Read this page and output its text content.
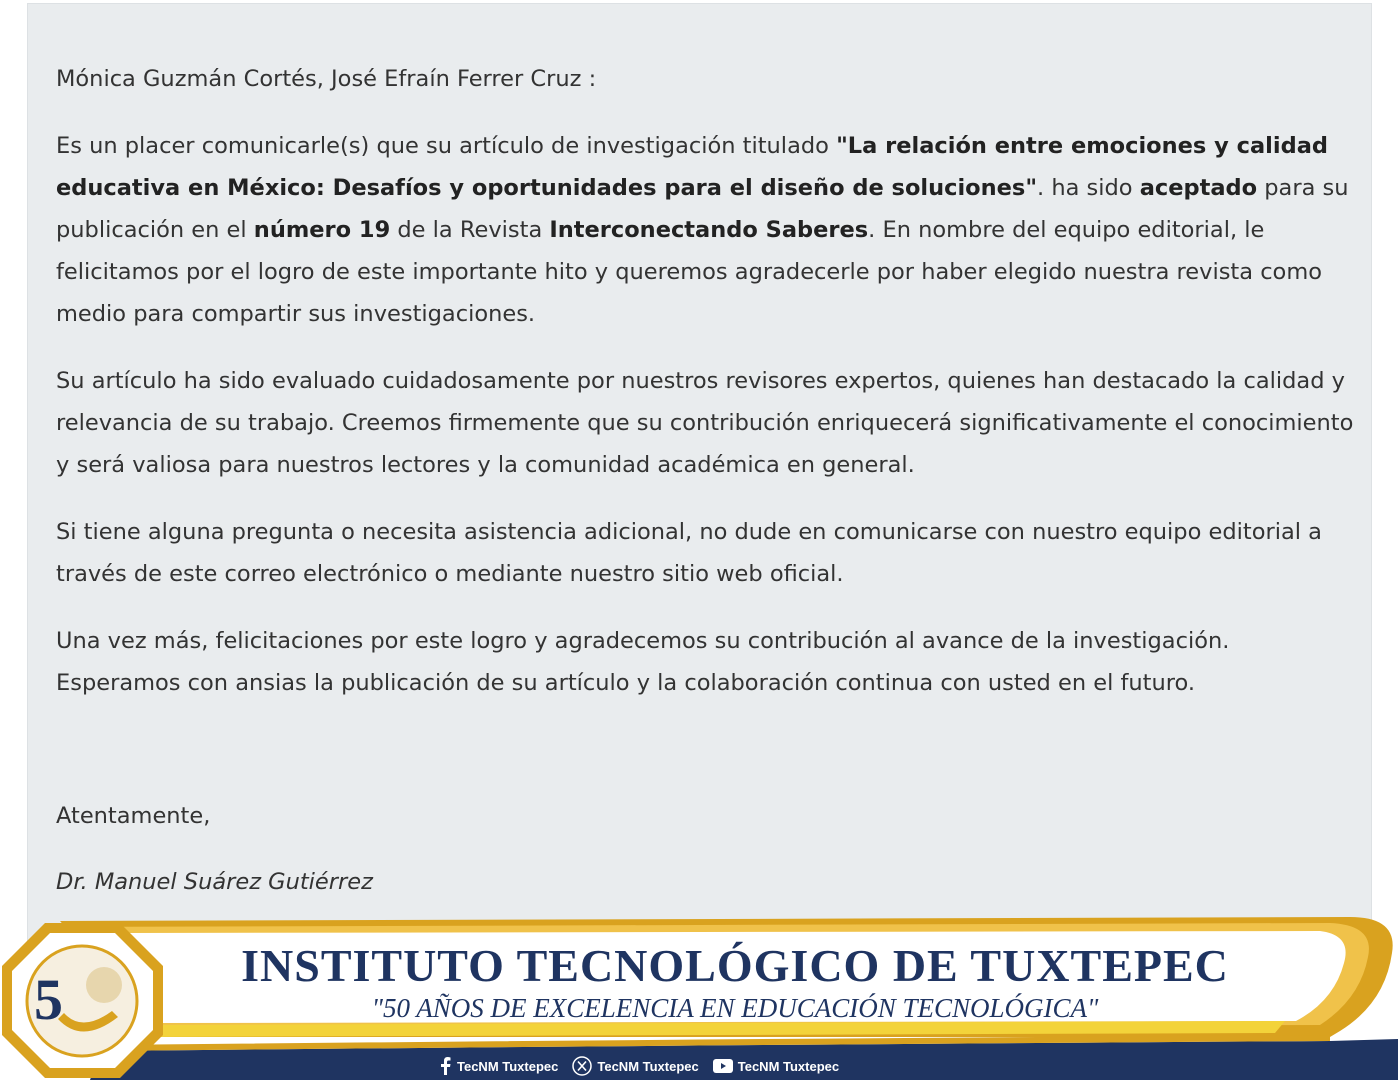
Mónica Guzmán Cortés, José Efraín Ferrer Cruz :

Es un placer comunicarle(s) que su artículo de investigación titulado "La relación entre emociones y calidad educativa en México: Desafíos y oportunidades para el diseño de soluciones". ha sido aceptado para su publicación en el número 19 de la Revista Interconectando Saberes. En nombre del equipo editorial, le felicitamos por el logro de este importante hito y queremos agradecerle por haber elegido nuestra revista como medio para compartir sus investigaciones.

Su artículo ha sido evaluado cuidadosamente por nuestros revisores expertos, quienes han destacado la calidad y relevancia de su trabajo. Creemos firmemente que su contribución enriquecerá significativamente el conocimiento y será valiosa para nuestros lectores y la comunidad académica en general.

Si tiene alguna pregunta o necesita asistencia adicional, no dude en comunicarse con nuestro equipo editorial a través de este correo electrónico o mediante nuestro sitio web oficial.

Una vez más, felicitaciones por este logro y agradecemos su contribución al avance de la investigación. Esperamos con ansias la publicación de su artículo y la colaboración continua con usted en el futuro.

Atentamente,
Dr. Manuel Suárez Gutiérrez
5
INSTITUTO TECNOLÓGICO DE TUXTEPEC
"50 AÑOS DE EXCELENCIA EN EDUCACIÓN TECNOLÓGICA"
TecNM Tuxtepec	TecNM Tuxtepec	TecNM Tuxtepec
